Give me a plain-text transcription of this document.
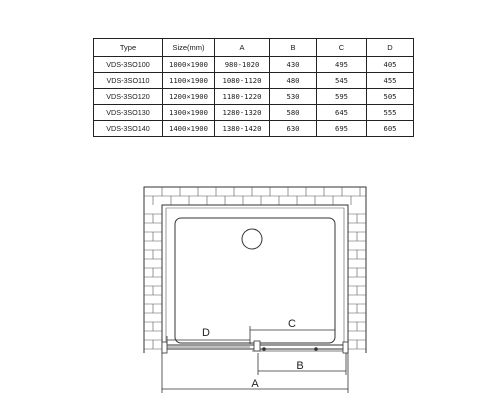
Type	Size(mm)	A	B	C	D
VDS-3SO100	1000×1900	980-1020	430	495	405
VDS-3SO110	1100×1900	1080-1120	480	545	455
VDS-3SO120	1200×1900	1180-1220	530	595	505
VDS-3SO130	1300×1900	1280-1320	580	645	555
VDS-3SO140	1400×1900	1380-1420	630	695	605
D
C
B
A
